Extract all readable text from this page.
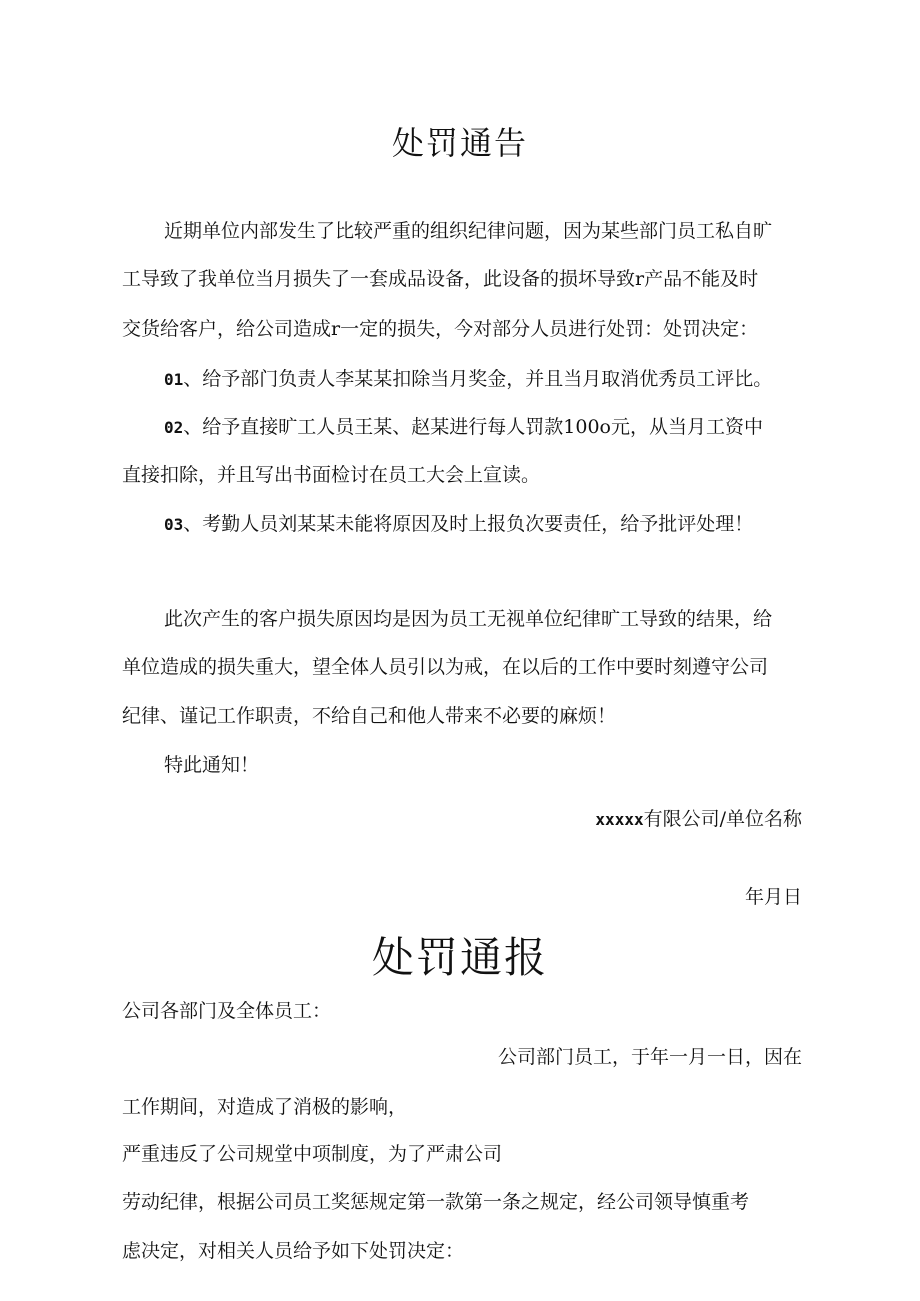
处罚通告
近期单位内部发生了比较严重的组织纪律问题，因为某些部门员工私自旷
工导致了我单位当月损失了一套成品设备，此设备的损坏导致r产品不能及时
交货给客户，给公司造成r一定的损失，今对部分人员进行处罚：处罚决定：
01、给予部门负责人李某某扣除当月奖金，并且当月取消优秀员工评比。
02、给予直接旷工人员王某、赵某进行每人罚款100o元，从当月工资中
直接扣除，并且写出书面检讨在员工大会上宣读。
03、考勤人员刘某某未能将原因及时上报负次要责任，给予批评处理！
此次产生的客户损失原因均是因为员工无视单位纪律旷工导致的结果，给
单位造成的损失重大，望全体人员引以为戒，在以后的工作中要时刻遵守公司
纪律、谨记工作职责，不给自己和他人带来不必要的麻烦！
特此通知！
xxxxx有限公司/单位名称
年月日
处罚通报
公司各部门及全体员工：
公司部门员工，于年一月一日，因在
工作期间，对造成了消极的影响，
严重违反了公司规堂中项制度，为了严肃公司
劳动纪律，根据公司员工奖惩规定第一款第一条之规定，经公司领导慎重考
虑决定，对相关人员给予如下处罚决定：
